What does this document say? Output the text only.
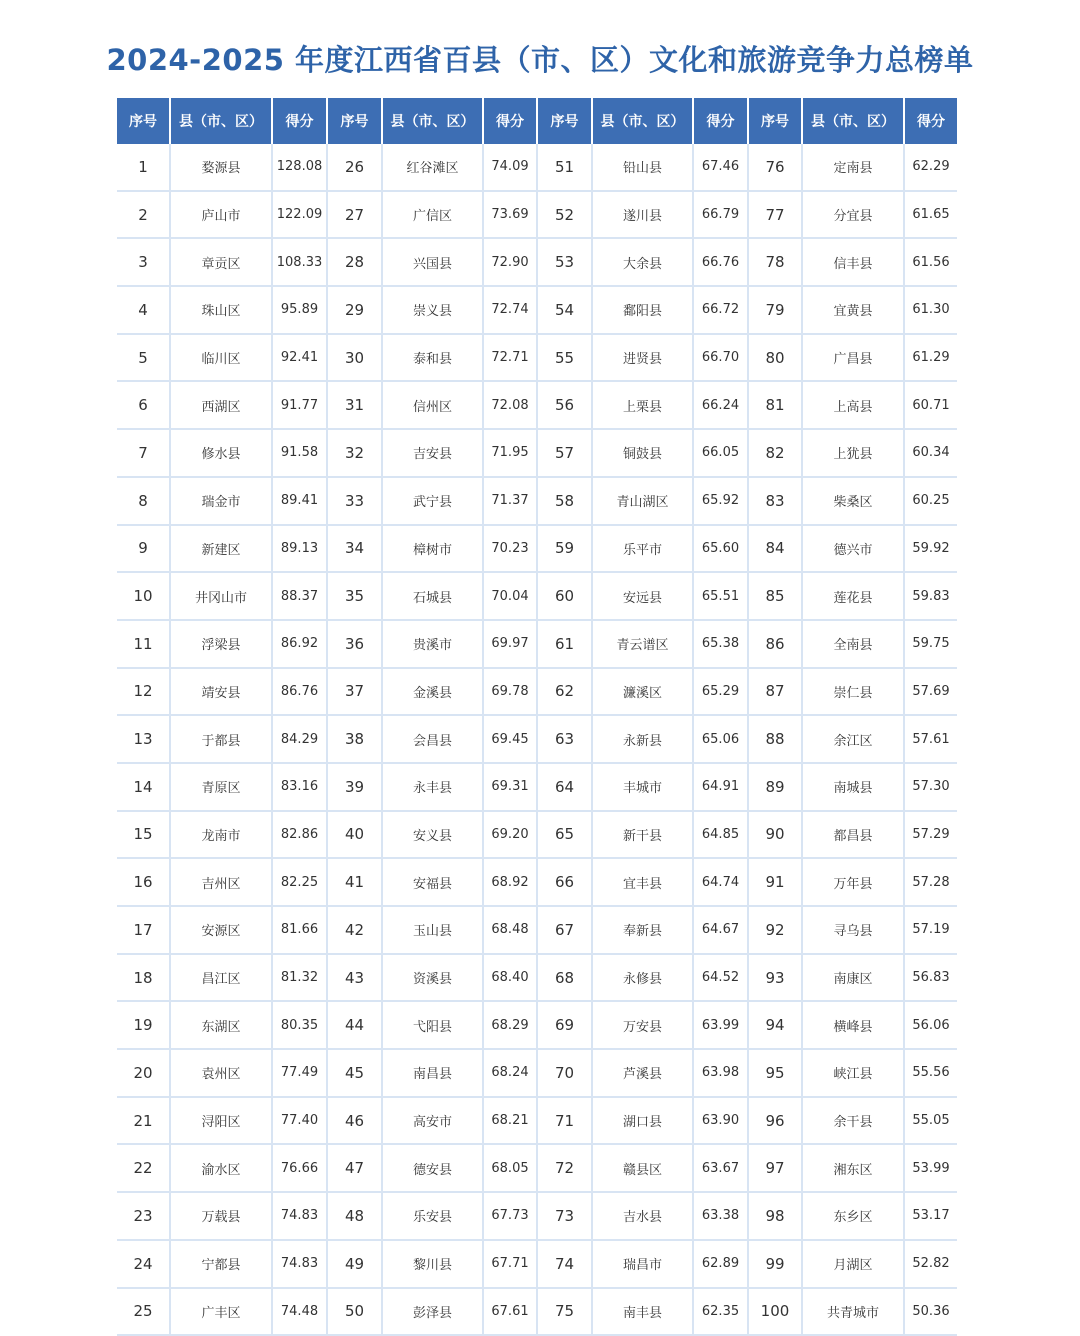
2024-2025 年度江西省百县（市、区）文化和旅游竞争力总榜单
序号	县（市、区）	得分	序号	县（市、区）	得分	序号	县（市、区）	得分	序号	县（市、区）	得分
1	婺源县	128.08	26	红谷滩区	74.09	51	铅山县	67.46	76	定南县	62.29
2	庐山市	122.09	27	广信区	73.69	52	遂川县	66.79	77	分宜县	61.65
3	章贡区	108.33	28	兴国县	72.90	53	大余县	66.76	78	信丰县	61.56
4	珠山区	95.89	29	崇义县	72.74	54	鄱阳县	66.72	79	宜黄县	61.30
5	临川区	92.41	30	泰和县	72.71	55	进贤县	66.70	80	广昌县	61.29
6	西湖区	91.77	31	信州区	72.08	56	上栗县	66.24	81	上高县	60.71
7	修水县	91.58	32	吉安县	71.95	57	铜鼓县	66.05	82	上犹县	60.34
8	瑞金市	89.41	33	武宁县	71.37	58	青山湖区	65.92	83	柴桑区	60.25
9	新建区	89.13	34	樟树市	70.23	59	乐平市	65.60	84	德兴市	59.92
10	井冈山市	88.37	35	石城县	70.04	60	安远县	65.51	85	莲花县	59.83
11	浮梁县	86.92	36	贵溪市	69.97	61	青云谱区	65.38	86	全南县	59.75
12	靖安县	86.76	37	金溪县	69.78	62	濂溪区	65.29	87	崇仁县	57.69
13	于都县	84.29	38	会昌县	69.45	63	永新县	65.06	88	余江区	57.61
14	青原区	83.16	39	永丰县	69.31	64	丰城市	64.91	89	南城县	57.30
15	龙南市	82.86	40	安义县	69.20	65	新干县	64.85	90	都昌县	57.29
16	吉州区	82.25	41	安福县	68.92	66	宜丰县	64.74	91	万年县	57.28
17	安源区	81.66	42	玉山县	68.48	67	奉新县	64.67	92	寻乌县	57.19
18	昌江区	81.32	43	资溪县	68.40	68	永修县	64.52	93	南康区	56.83
19	东湖区	80.35	44	弋阳县	68.29	69	万安县	63.99	94	横峰县	56.06
20	袁州区	77.49	45	南昌县	68.24	70	芦溪县	63.98	95	峡江县	55.56
21	浔阳区	77.40	46	高安市	68.21	71	湖口县	63.90	96	余干县	55.05
22	渝水区	76.66	47	德安县	68.05	72	赣县区	63.67	97	湘东区	53.99
23	万载县	74.83	48	乐安县	67.73	73	吉水县	63.38	98	东乡区	53.17
24	宁都县	74.83	49	黎川县	67.71	74	瑞昌市	62.89	99	月湖区	52.82
25	广丰区	74.48	50	彭泽县	67.61	75	南丰县	62.35	100	共青城市	50.36
